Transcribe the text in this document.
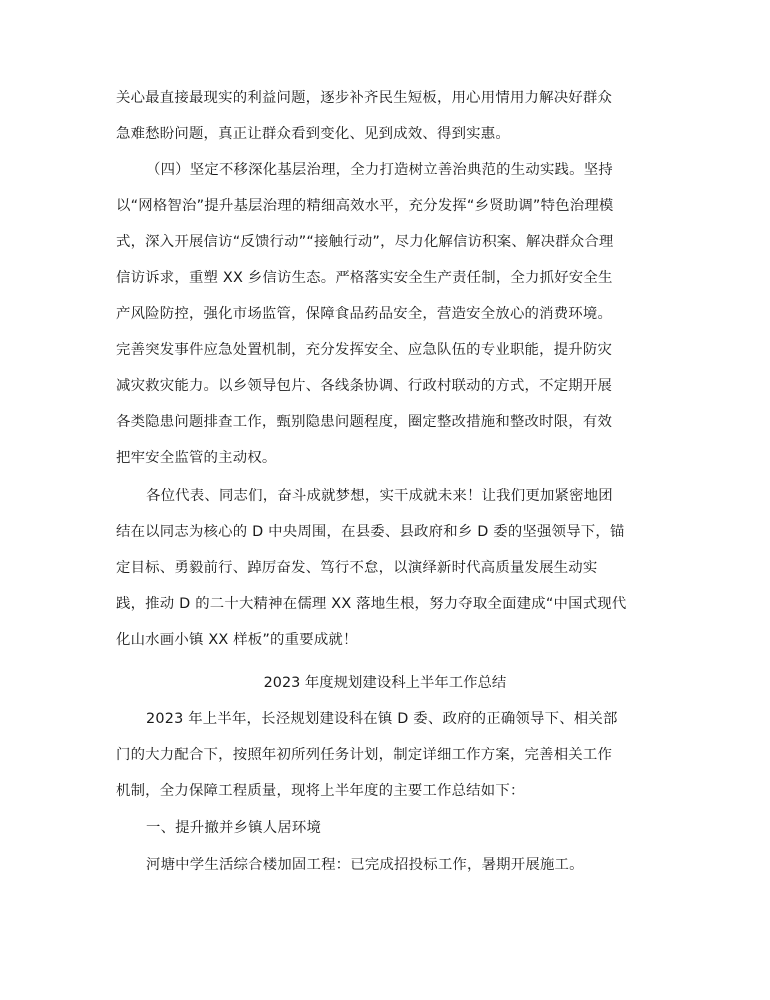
关心最直接最现实的利益问题，逐步补齐民生短板，用心用情用力解决好群众
急难愁盼问题，真正让群众看到变化、见到成效、得到实惠。
（四）坚定不移深化基层治理，全力打造树立善治典范的生动实践。坚持
以“网格智治”提升基层治理的精细高效水平，充分发挥“乡贤助调”特色治理模
式，深入开展信访“反馈行动”“接触行动”，尽力化解信访积案、解决群众合理
信访诉求，重塑 XX 乡信访生态。严格落实安全生产责任制，全力抓好安全生
产风险防控，强化市场监管，保障食品药品安全，营造安全放心的消费环境。
完善突发事件应急处置机制，充分发挥安全、应急队伍的专业职能，提升防灾
减灾救灾能力。以乡领导包片、各线条协调、行政村联动的方式，不定期开展
各类隐患问题排查工作，甄别隐患问题程度，圈定整改措施和整改时限，有效
把牢安全监管的主动权。
各位代表、同志们，奋斗成就梦想，实干成就未来！让我们更加紧密地团
结在以同志为核心的 D 中央周围，在县委、县政府和乡 D 委的坚强领导下，锚
定目标、勇毅前行、踔厉奋发、笃行不怠，以演绎新时代高质量发展生动实
践，推动 D 的二十大精神在儒理 XX 落地生根，努力夺取全面建成“中国式现代
化山水画小镇 XX 样板”的重要成就！
2023 年度规划建设科上半年工作总结
2023 年上半年，长泾规划建设科在镇 D 委、政府的正确领导下、相关部
门的大力配合下，按照年初所列任务计划，制定详细工作方案，完善相关工作
机制，全力保障工程质量，现将上半年度的主要工作总结如下：
一、提升撤并乡镇人居环境
河塘中学生活综合楼加固工程：已完成招投标工作，暑期开展施工。
